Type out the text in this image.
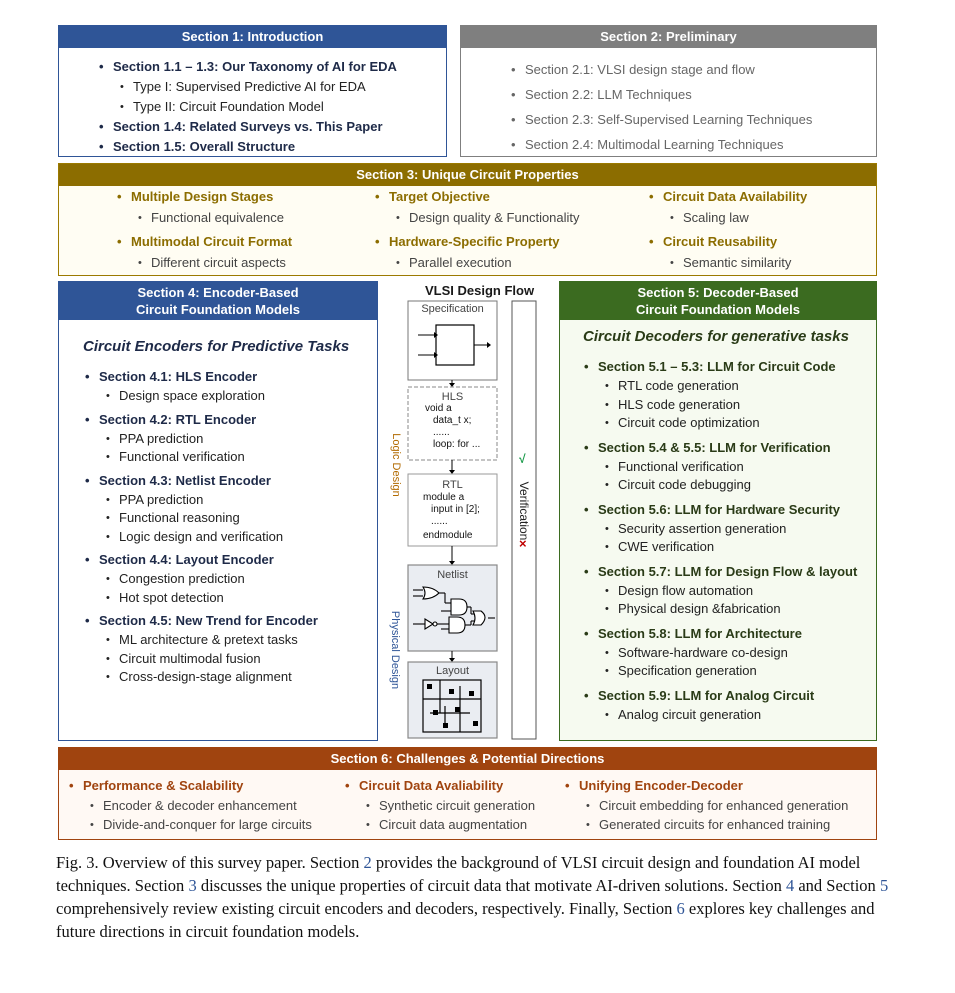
Section 1: Introduction
• Section 1.1 – 1.3: Our Taxonomy of AI for EDA
• Type I: Supervised Predictive AI for EDA
• Type II: Circuit Foundation Model
• Section 1.4: Related Surveys vs. This Paper
• Section 1.5: Overall Structure
Section 2: Preliminary
• Section 2.1: VLSI design stage and flow
• Section 2.2: LLM Techniques
• Section 2.3: Self-Supervised Learning Techniques
• Section 2.4: Multimodal Learning Techniques
Section 3: Unique Circuit Properties
• Multiple Design Stages
• Functional equivalence
• Multimodal Circuit Format
• Different circuit aspects
• Target Objective
• Design quality & Functionality
• Hardware-Specific Property
• Parallel execution
• Circuit Data Availability
• Scaling law
• Circuit Reusability
• Semantic similarity
Section 4: Encoder-Based
Circuit Foundation Models
Circuit Encoders for Predictive Tasks
• Section 4.1: HLS Encoder
• Design space exploration
• Section 4.2: RTL Encoder
• PPA prediction
• Functional verification
• Section 4.3: Netlist Encoder
• PPA prediction
• Functional reasoning
• Logic design and verification
• Section 4.4: Layout Encoder
• Congestion prediction
• Hot spot detection
• Section 4.5: New Trend for Encoder
• ML architecture & pretext tasks
• Circuit multimodal fusion
• Cross-design-stage alignment
VLSI Design Flow
Specification
HLS
void a
data_t x;
......
loop: for ...
RTL
module a
input in [2];
......
endmodule
Netlist
Layout
Logic Design
Physical Design
√
Verification
×
Section 5: Decoder-Based
Circuit Foundation Models
Circuit Decoders for generative tasks
• Section 5.1 – 5.3: LLM for Circuit Code
• RTL code generation
• HLS code generation
• Circuit code optimization
• Section 5.4 & 5.5: LLM for Verification
• Functional verification
• Circuit code debugging
• Section 5.6: LLM for Hardware Security
• Security assertion generation
• CWE verification
• Section 5.7: LLM for Design Flow & layout
• Design flow automation
• Physical design &fabrication
• Section 5.8: LLM for Architecture
• Software-hardware co-design
• Specification generation
• Section 5.9: LLM for Analog Circuit
• Analog circuit generation
Section 6: Challenges & Potential Directions
• Performance & Scalability
• Encoder & decoder enhancement
• Divide-and-conquer for large circuits
• Circuit Data Avaliability
• Synthetic circuit generation
• Circuit data augmentation
• Unifying Encoder-Decoder
• Circuit embedding for enhanced generation
• Generated circuits for enhanced training
Fig. 3. Overview of this survey paper. Section 2 provides the background of VLSI circuit design and foundation AI model techniques. Section 3 discusses the unique properties of circuit data that motivate AI-driven solutions. Section 4 and Section 5 comprehensively review existing circuit encoders and decoders, respectively. Finally, Section 6 explores key challenges and future directions in circuit foundation models.
